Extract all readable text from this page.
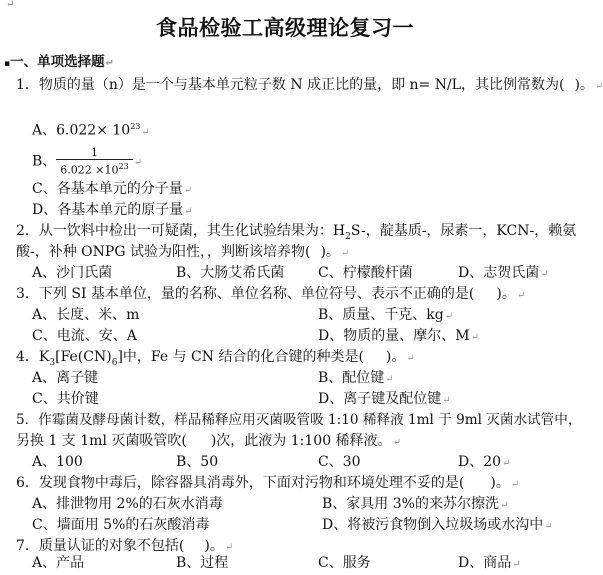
↵
食品检验工高级理论复习一
▪一、单项选择题↵
1．物质的量（n）是一个与基本单元粒子数 N 成正比的量，即 n= N/L，其比例常数为( )。↵
A、$6.022\times 10^{23}↵$
B、 $\frac{1}{6.022 \times 10^{23}}$ ↵
C、各基本单元的分子量↵
D、各基本单元的原子量↵
2．从一饮料中检出一可疑菌，其生化试验结果为：$H_2S-$，靛基质-，尿素一，KCN-，赖氨
酸-，补种 ONPG 试验为阳性，，判断该培养物( )。↵
A、沙门氏菌	B、大肠艾希氏菌 C、柠檬酸杆菌	D、志贺氏菌↵
3．下列 SI 基本单位，量的名称、单位名称、单位符号、表示不正确的是( )。↵
A、长度、米、m	B、质量、千克、kg↵
C、电流、安、A	D、物质的量、摩尔、M↵
4．$K_3[Fe(CN)_6]$中，Fe 与 CN 结合的化合键的种类是( )。↵
A、离子键	B、配位键↵
C、共价键	D、离子键及配位键↵
5．作霉菌及酵母菌计数，样品稀释应用灭菌吸管吸 1:10 稀释液 1ml 于 9ml 灭菌水试管中，
另换 1 支 1ml 灭菌吸管吹( )次，此液为 1:100 稀释液。↵
A、100	B、50	C、30	D、20↵
6．发现食物中毒后，除容器具消毒外，下面对污物和环境处理不妥的是( )。↵
A、排泄物用 2%的石灰水消毒	B、家具用 3%的来苏尔擦洗↵
C、墙面用 5%的石灰酸消毒	D、将被污食物倒入垃圾场或水沟中↵
7．质量认证的对象不包括( )。↵
A、产品	B、过程	C、服务	D、商品↵
